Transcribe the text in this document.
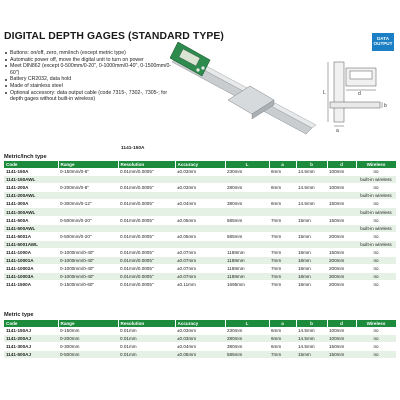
DIGITAL DEPTH GAGES (STANDARD TYPE)
Buttons: on/off, zero, mm/inch (except metric type)
Automatic power off, move the digital unit to turn on power
Meet DIN862 (except 0-500mm/0-20", 0-1000mm/0-40", 0-1500mm/0-60")
Battery CR2032, data hold
Made of stainless steel
Optional accessory: data output cable (code 7315-, 7302-, 7305-; for depth gages without built-in wireless)
a
b
d
L
DATA
OUTPUT
1141-150A
Metric/Inch type
Code	Range	Resolution	Accuracy	L	a	b	d	Wireless
1141-150A	0-150mm/0-6"	0.01mm/0.0005"	±0.03mm	230mm	6mm	14.5mm	100mm	no
1141-150AWL								built-in wireless
1141-200A	0-200mm/0-8"	0.01mm/0.0005"	±0.03mm	280mm	6mm	14.5mm	100mm	no
1141-200AWL								built-in wireless
1141-300A	0-300mm/0-12"	0.01mm/0.0005"	±0.04mm	380mm	6mm	14.5mm	150mm	no
1141-300AWL								built-in wireless
1141-500A	0-500mm/0-20"	0.01mm/0.0005"	±0.05mm	585mm	7mm	15mm	150mm	no
1141-500AWL								built-in wireless
1141-5001A	0-500mm/0-20"	0.01mm/0.0005"	±0.05mm	585mm	7mm	15mm	200mm	no
1141-5001AWL								built-in wireless
1141-1000A	0-1000mm/0-40"	0.01mm/0.0005"	±0.07mm	1188mm	7mm	18mm	150mm	no
1141-10001A	0-1000mm/0-40"	0.01mm/0.0005"	±0.07mm	1188mm	7mm	18mm	200mm	no
1141-10002A	0-1000mm/0-40"	0.01mm/0.0005"	±0.07mm	1188mm	7mm	18mm	200mm	no
1141-10003A	0-1000mm/0-40"	0.01mm/0.0005"	±0.07mm	1188mm	7mm	18mm	300mm	no
1141-1500A	0-1500mm/0-60"	0.01mm/0.0005"	±0.11mm	1695mm	7mm	18mm	200mm	no
Metric type
Code	Range	Resolution	Accuracy	L	a	b	d	Wireless
1141-150AJ	0-150mm	0.01mm	±0.03mm	230mm	6mm	14.5mm	100mm	no
1141-200AJ	0-200mm	0.01mm	±0.03mm	280mm	6mm	14.5mm	100mm	no
1141-300AJ	0-300mm	0.01mm	±0.04mm	380mm	6mm	14.5mm	150mm	no
1141-500AJ	0-500mm	0.01mm	±0.05mm	585mm	7mm	15mm	150mm	no
